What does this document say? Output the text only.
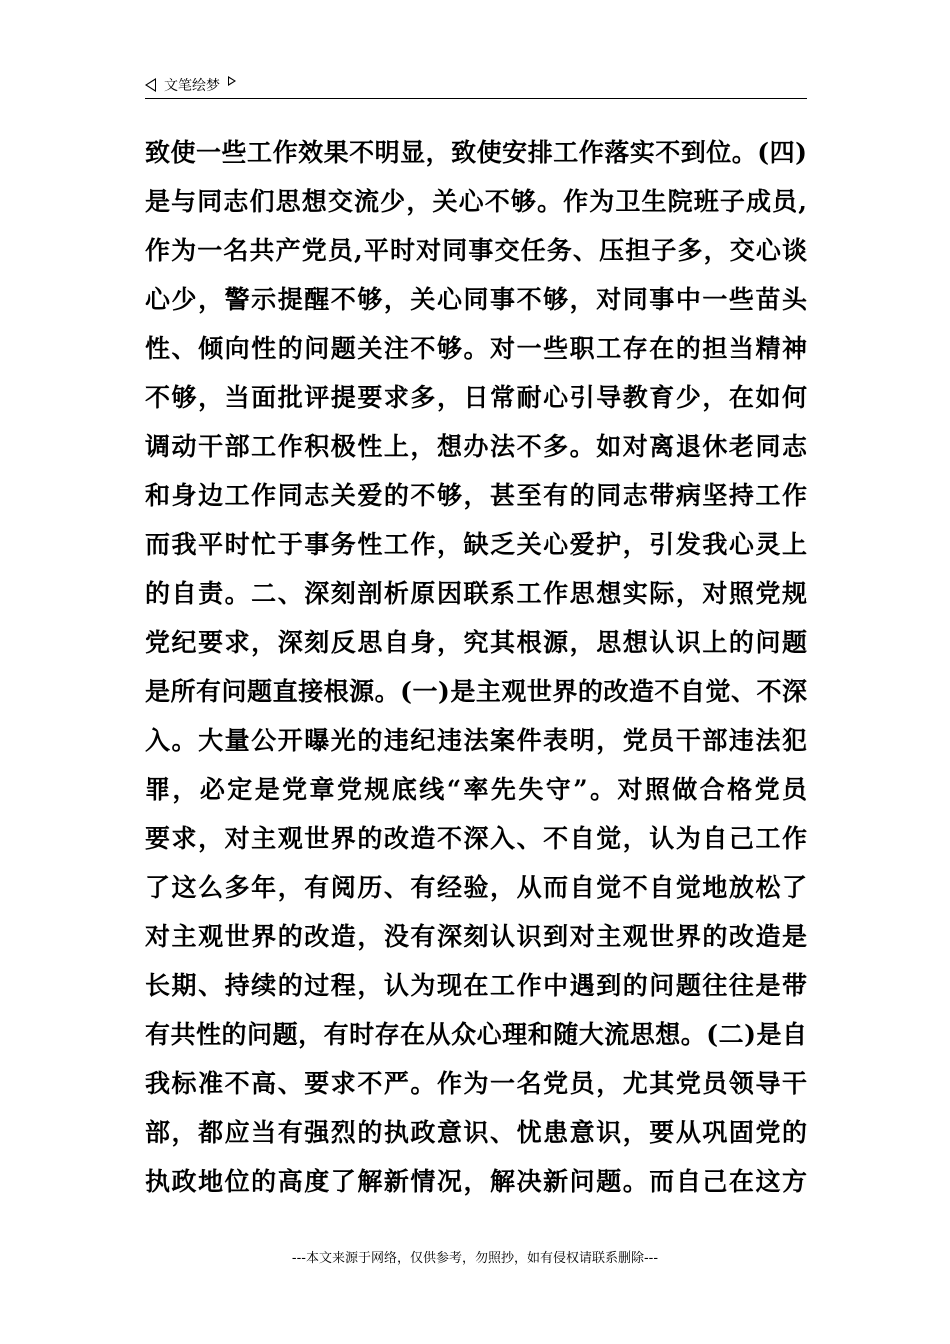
文笔绘梦
致使一些工作效果不明显，致使安排工作落实不到位。(四)
是与同志们思想交流少，关心不够。作为卫生院班子成员,
作为一名共产党员,平时对同事交任务、压担子多，交心谈
心少，警示提醒不够，关心同事不够，对同事中一些苗头
性、倾向性的问题关注不够。对一些职工存在的担当精神
不够，当面批评提要求多，日常耐心引导教育少，在如何
调动干部工作积极性上，想办法不多。如对离退休老同志
和身边工作同志关爱的不够，甚至有的同志带病坚持工作
而我平时忙于事务性工作，缺乏关心爱护，引发我心灵上
的自责。二、深刻剖析原因联系工作思想实际，对照党规
党纪要求，深刻反思自身，究其根源，思想认识上的问题
是所有问题直接根源。(一)是主观世界的改造不自觉、不深
入。大量公开曝光的违纪违法案件表明，党员干部违法犯
罪，必定是党章党规底线“率先失守”。对照做合格党员
要求，对主观世界的改造不深入、不自觉，认为自己工作
了这么多年，有阅历、有经验，从而自觉不自觉地放松了
对主观世界的改造，没有深刻认识到对主观世界的改造是
长期、持续的过程，认为现在工作中遇到的问题往往是带
有共性的问题，有时存在从众心理和随大流思想。(二)是自
我标准不高、要求不严。作为一名党员，尤其党员领导干
部，都应当有强烈的执政意识、忧患意识，要从巩固党的
执政地位的高度了解新情况，解决新问题。而自己在这方
---本文来源于网络，仅供参考，勿照抄，如有侵权请联系删除---
